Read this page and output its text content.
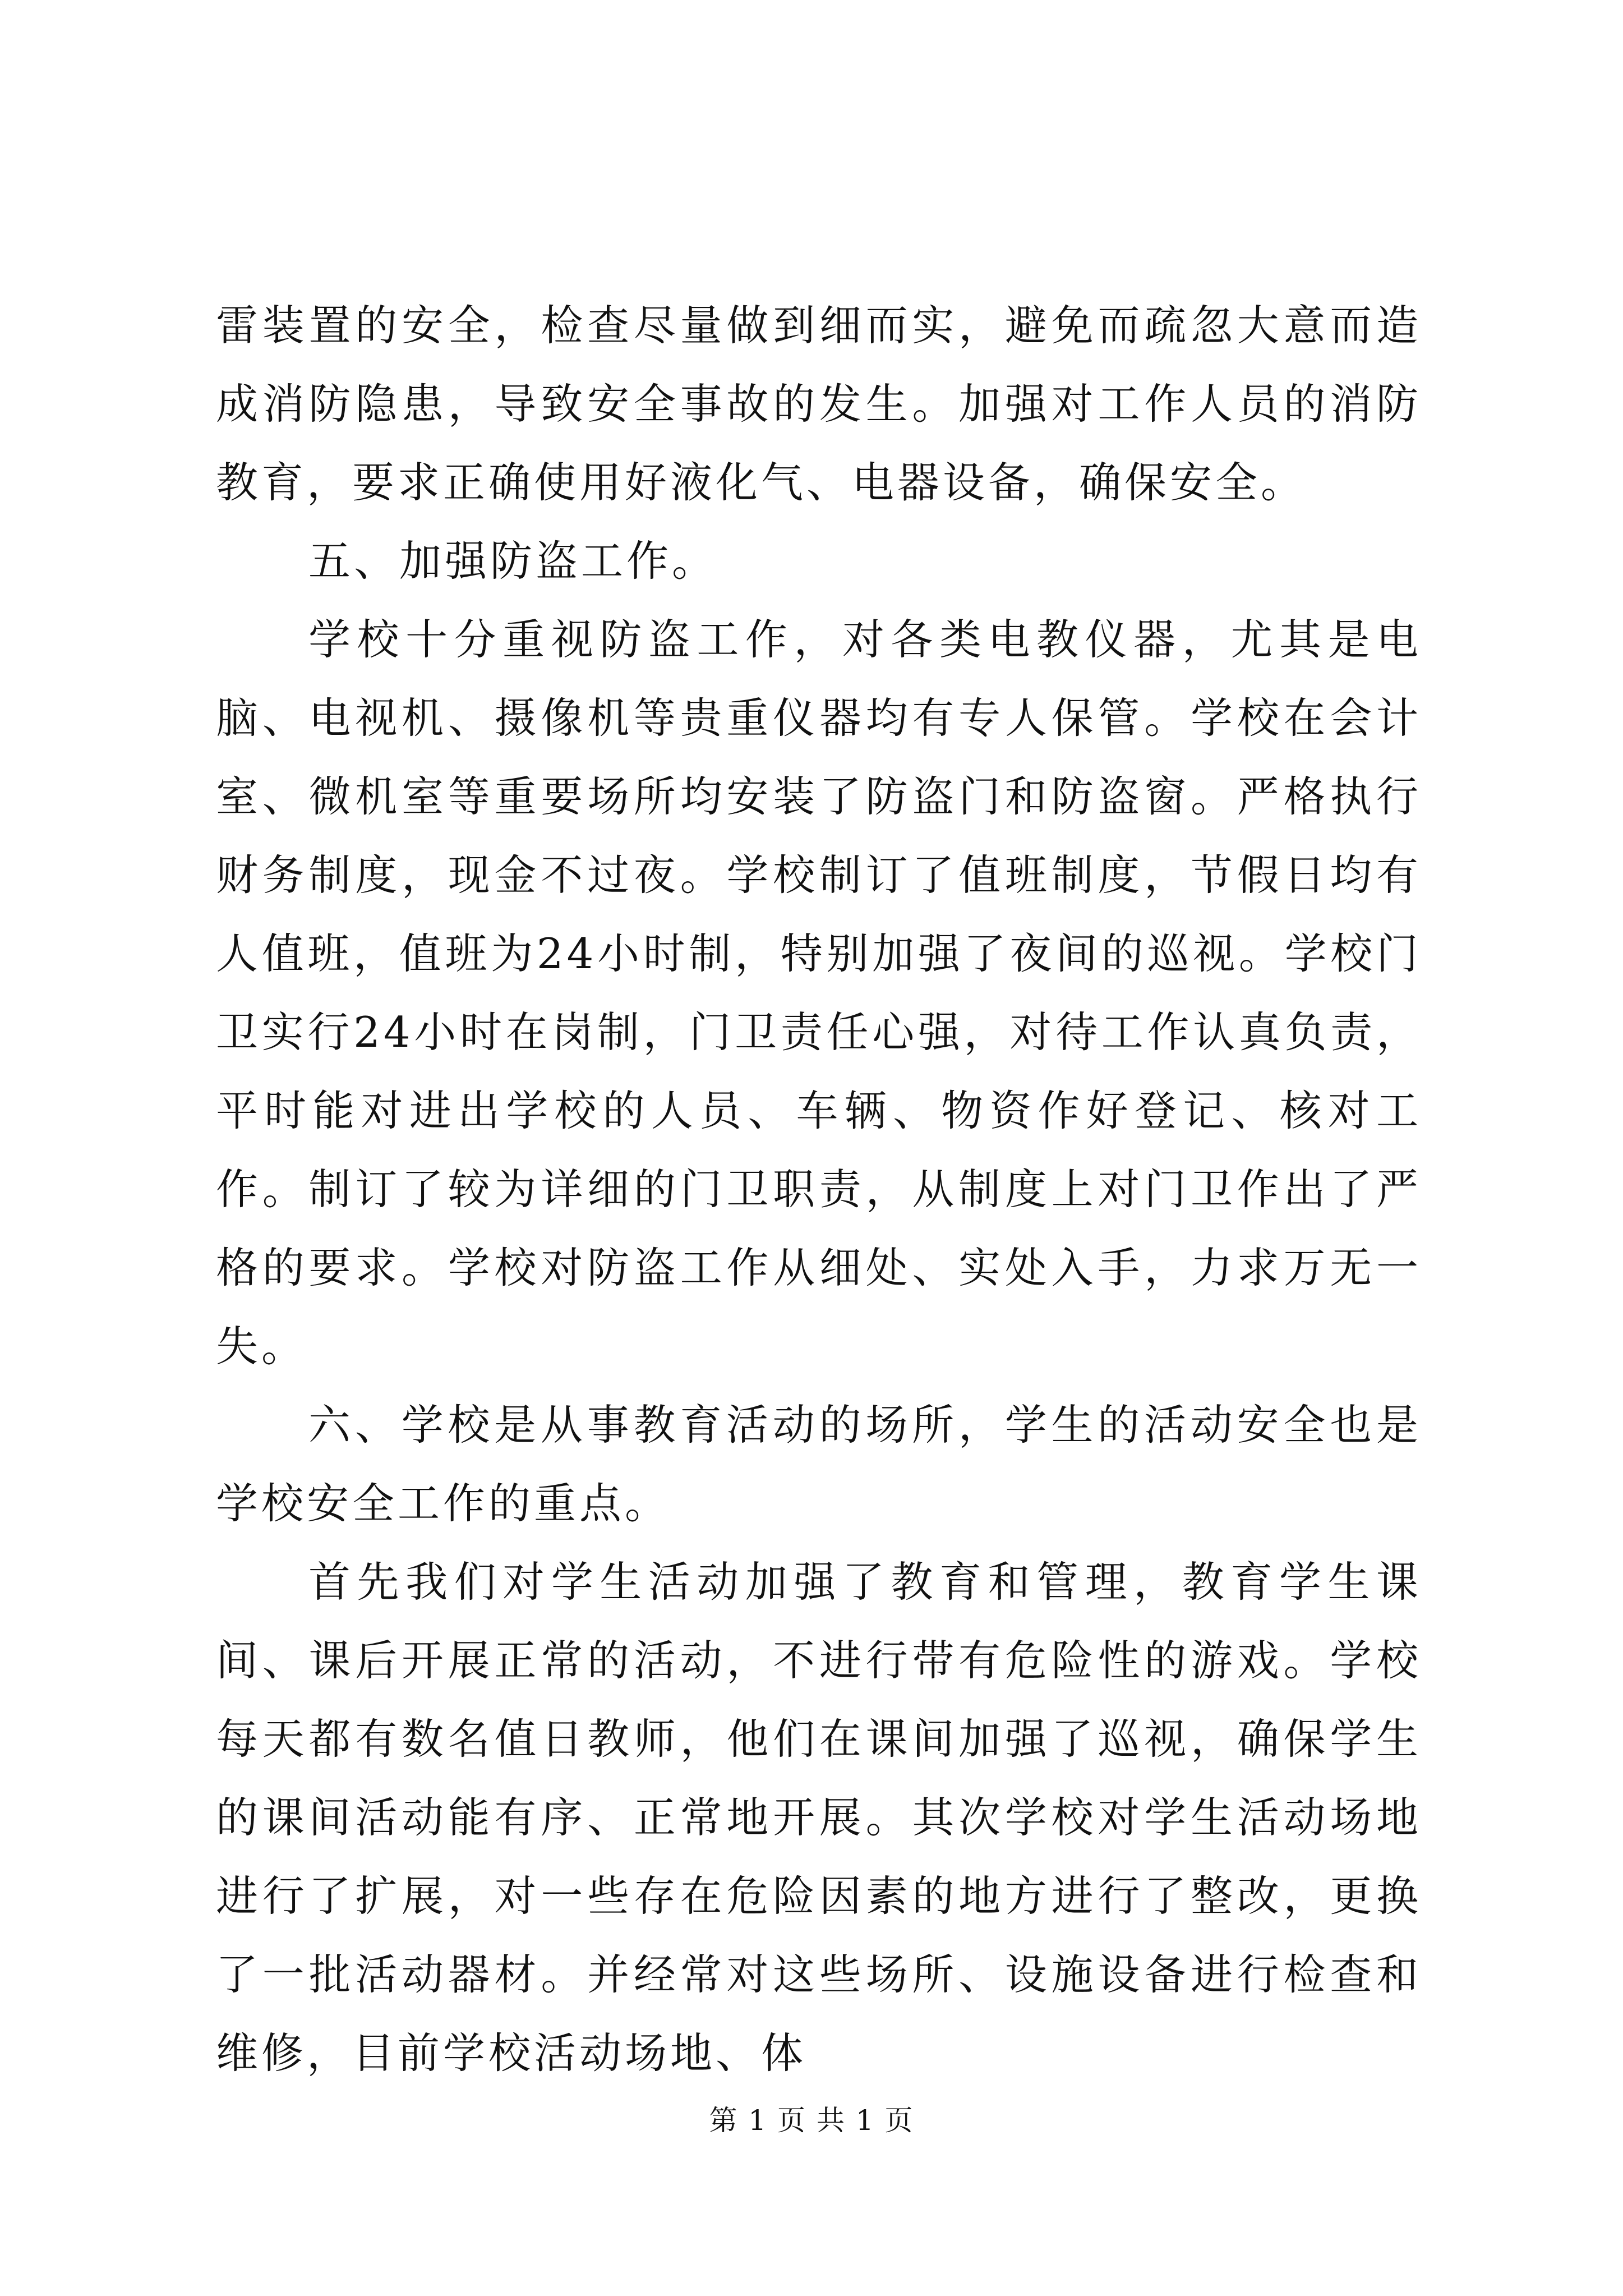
雷装置的安全，检查尽量做到细而实，避免而疏忽大意而造成消防隐患，导致安全事故的发生。加强对工作人员的消防教育，要求正确使用好液化气、电器设备，确保安全。

五、加强防盗工作。

学校十分重视防盗工作，对各类电教仪器，尤其是电脑、电视机、摄像机等贵重仪器均有专人保管。学校在会计室、微机室等重要场所均安装了防盗门和防盗窗。严格执行财务制度，现金不过夜。学校制订了值班制度，节假日均有人值班，值班为24小时制，特别加强了夜间的巡视。学校门卫实行24小时在岗制，门卫责任心强，对待工作认真负责，平时能对进出学校的人员、车辆、物资作好登记、核对工作。制订了较为详细的门卫职责，从制度上对门卫作出了严格的要求。学校对防盗工作从细处、实处入手，力求万无一失。

六、学校是从事教育活动的场所，学生的活动安全也是学校安全工作的重点。

首先我们对学生活动加强了教育和管理，教育学生课间、课后开展正常的活动，不进行带有危险性的游戏。学校每天都有数名值日教师，他们在课间加强了巡视，确保学生的课间活动能有序、正常地开展。其次学校对学生活动场地进行了扩展，对一些存在危险因素的地方进行了整改，更换了一批活动器材。并经常对这些场所、设施设备进行检查和维修，目前学校活动场地、体

第 1 页 共 1 页
